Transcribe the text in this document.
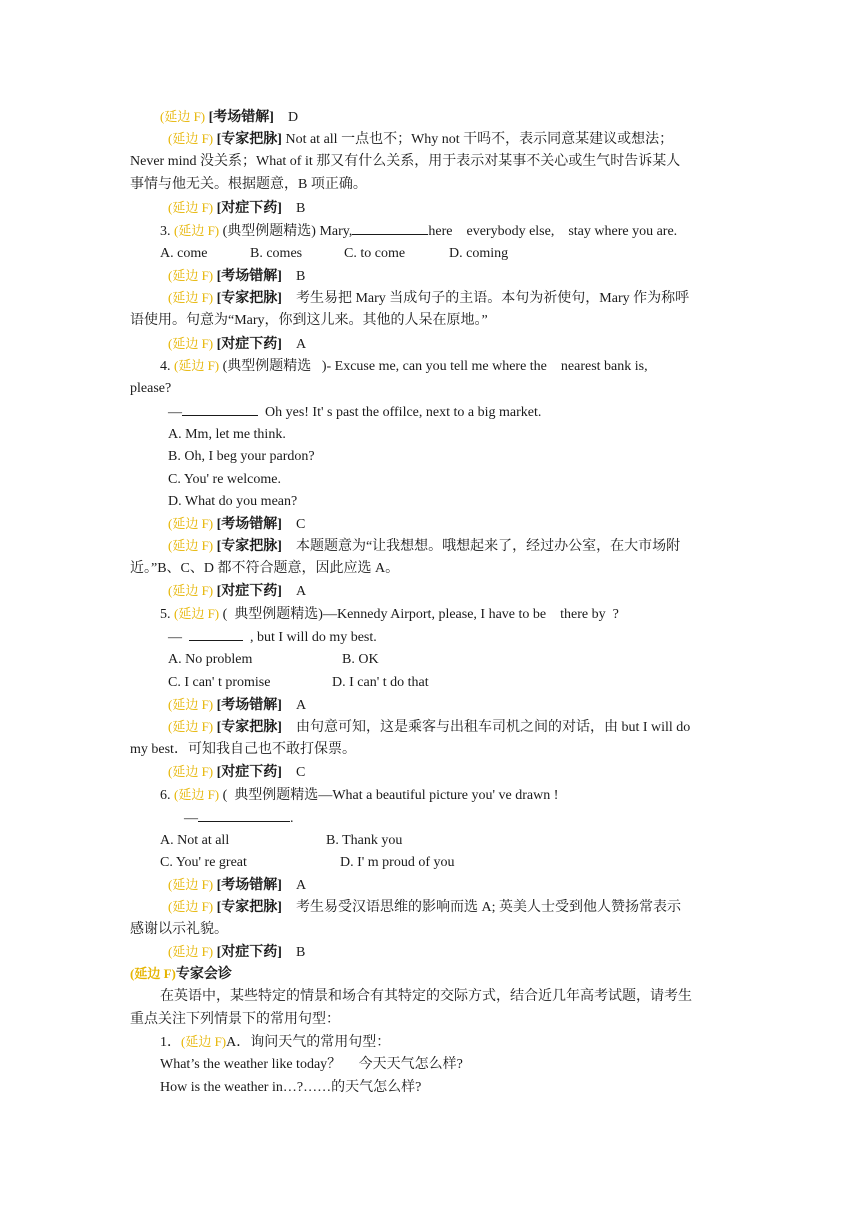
(延边 F) [考场错解] D
(延边 F) [专家把脉] Not at all 一点也不；Why not 干吗不，表示同意某建议或想法；
Never mind 没关系；What of it 那又有什么关系，用于表示对某事不关心或生气时告诉某人
事情与他无关。根据题意，B 项正确。
(延边 F) [对症下药] B
3. (延边 F) (典型例题精选) Mary,	here    everybody else,    stay where you are.
A. come	B. comes	C. to come	D. coming
(延边 F) [考场错解] B
(延边 F) [专家把脉] 考生易把 Mary 当成句子的主语。本句为祈使句，Mary 作为称呼
语使用。句意为“Mary，你到这儿来。其他的人呆在原地。”
(延边 F) [对症下药] A
4. (延边 F) (典型例题精选 )- Excuse me, can you tell me where the    nearest bank is,
please?
—	Oh yes! It' s past the offilce, next to a big market.
A. Mm, let me think.
B. Oh, I beg your pardon?
C. You' re welcome.
D. What do you mean?
(延边 F) [考场错解] C
(延边 F) [专家把脉] 本题题意为“让我想想。哦想起来了，经过办公室，在大市场附
近。”B、C、D 都不符合题意，因此应选 A。
(延边 F) [对症下药] A
5. (延边 F) (  典型例题精选)—Kennedy Airport, please, I have to be    there by  ?
—	, but I will do my best.
A. No problem	B. OK
C. I can' t promise	D. I can' t do that
(延边 F) [考场错解] A
(延边 F) [专家把脉] 由句意可知，这是乘客与出租车司机之间的对话，由 but I will do
my best．可知我自己也不敢打保票。
(延边 F) [对症下药] C
6. (延边 F) (  典型例题精选—What a beautiful picture you' ve drawn !
—	.
A. Not at all	B. Thank you
C. You' re great	D. I' m proud of you
(延边 F) [考场错解] A
(延边 F) [专家把脉] 考生易受汉语思维的影响而选 A; 英美人士受到他人赞扬常表示
感谢以示礼貌。
(延边 F) [对症下药] B
(延边 F)专家会诊
在英语中，某些特定的情景和场合有其特定的交际方式，结合近几年高考试题，请考生
重点关注下列情景下的常用句型：
1．(延边 F)A．询问天气的常用句型：
What’s the weather like today？     今天天气怎么样?
How is the weather in…?……的天气怎么样?
